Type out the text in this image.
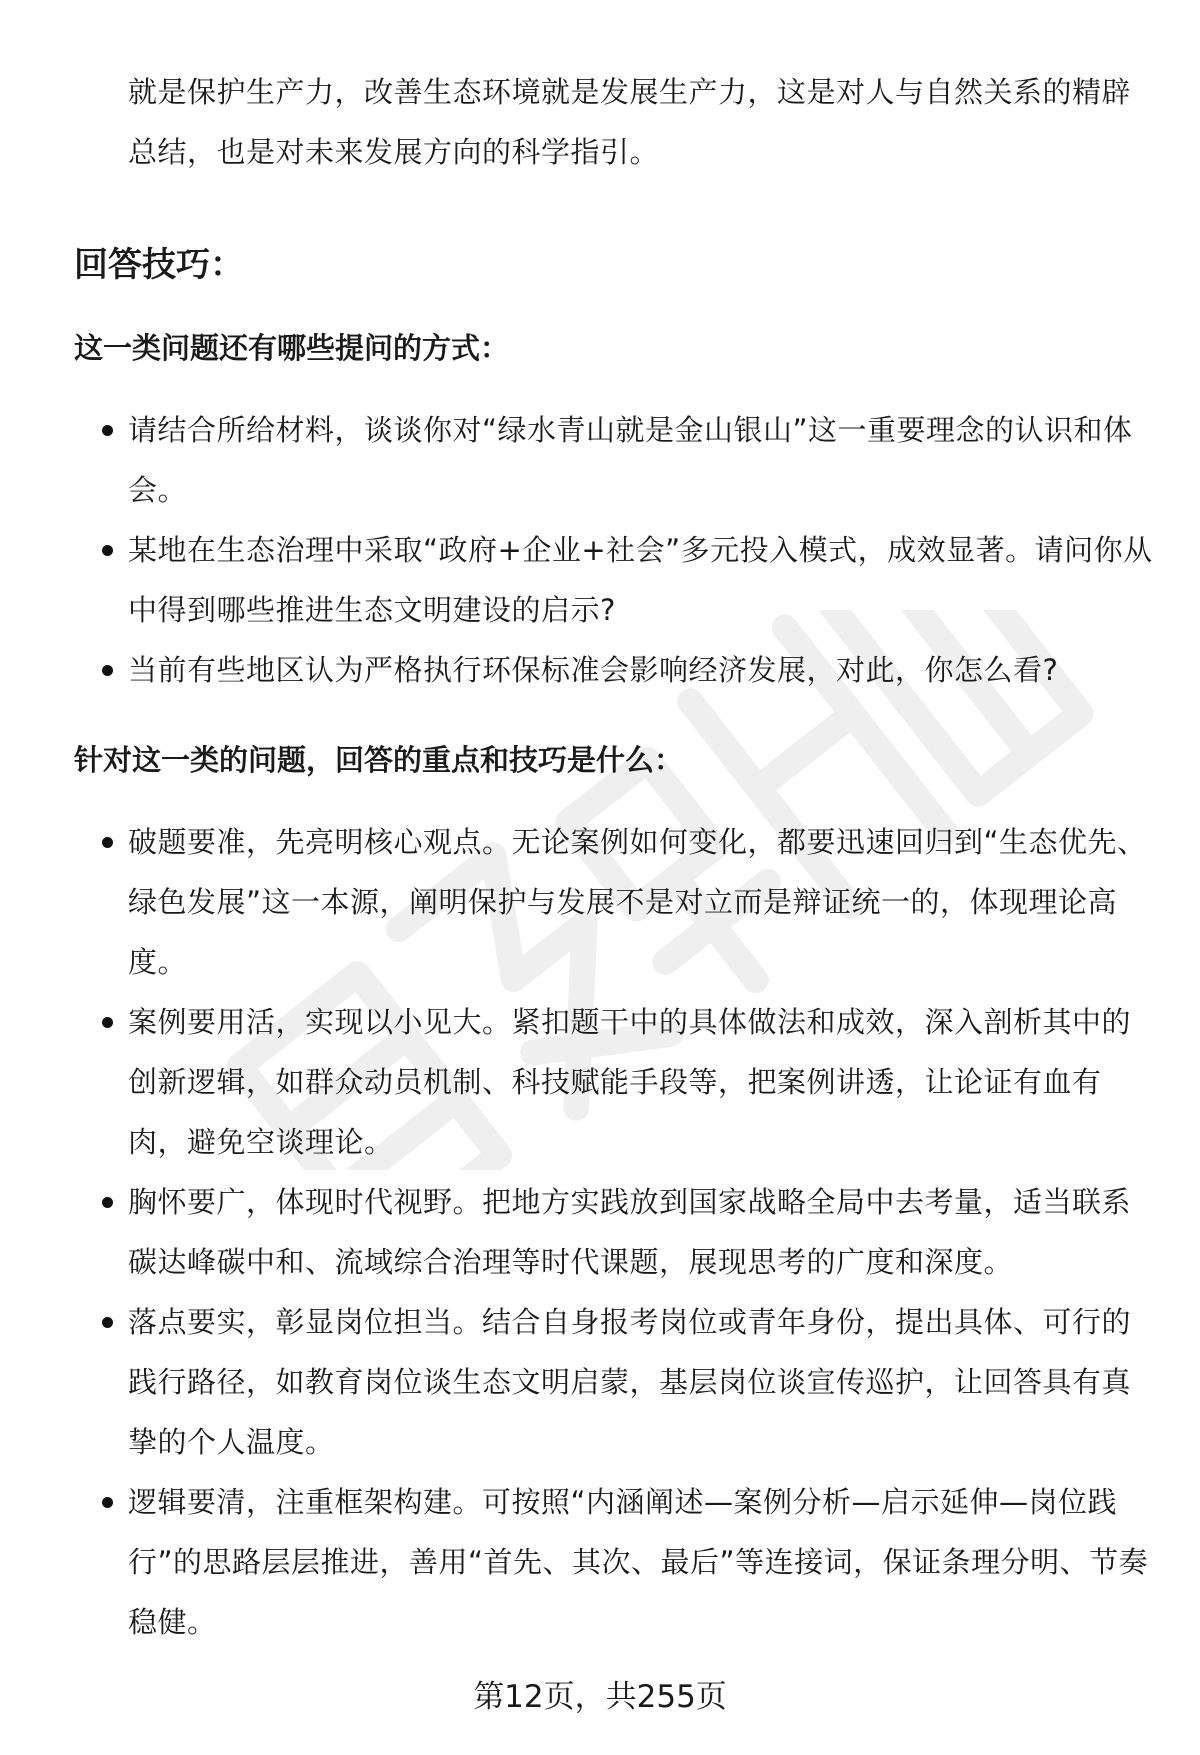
就是保护生产力，改善生态环境就是发展生产力，这是对人与自然关系的精辟总结，也是对未来发展方向的科学指引。

回答技巧：
这一类问题还有哪些提问的方式：
请结合所给材料，谈谈你对“绿水青山就是金山银山”这一重要理念的认识和体会。
某地在生态治理中采取“政府+企业+社会”多元投入模式，成效显著。请问你从中得到哪些推进生态文明建设的启示?
当前有些地区认为严格执行环保标准会影响经济发展，对此，你怎么看?
针对这一类的问题，回答的重点和技巧是什么：
破题要准，先亮明核心观点。无论案例如何变化，都要迅速回归到“生态优先、绿色发展”这一本源，阐明保护与发展不是对立而是辩证统一的，体现理论高度。
案例要用活，实现以小见大。紧扣题干中的具体做法和成效，深入剖析其中的创新逻辑，如群众动员机制、科技赋能手段等，把案例讲透，让论证有血有肉，避免空谈理论。
胸怀要广，体现时代视野。把地方实践放到国家战略全局中去考量，适当联系碳达峰碳中和、流域综合治理等时代课题，展现思考的广度和深度。
落点要实，彰显岗位担当。结合自身报考岗位或青年身份，提出具体、可行的践行路径，如教育岗位谈生态文明启蒙，基层岗位谈宣传巡护，让回答具有真挚的个人温度。
逻辑要清，注重框架构建。可按照“内涵阐述—案例分析—启示延伸—岗位践行”的思路层层推进，善用“首先、其次、最后”等连接词，保证条理分明、节奏稳健。
第12页，共255页
